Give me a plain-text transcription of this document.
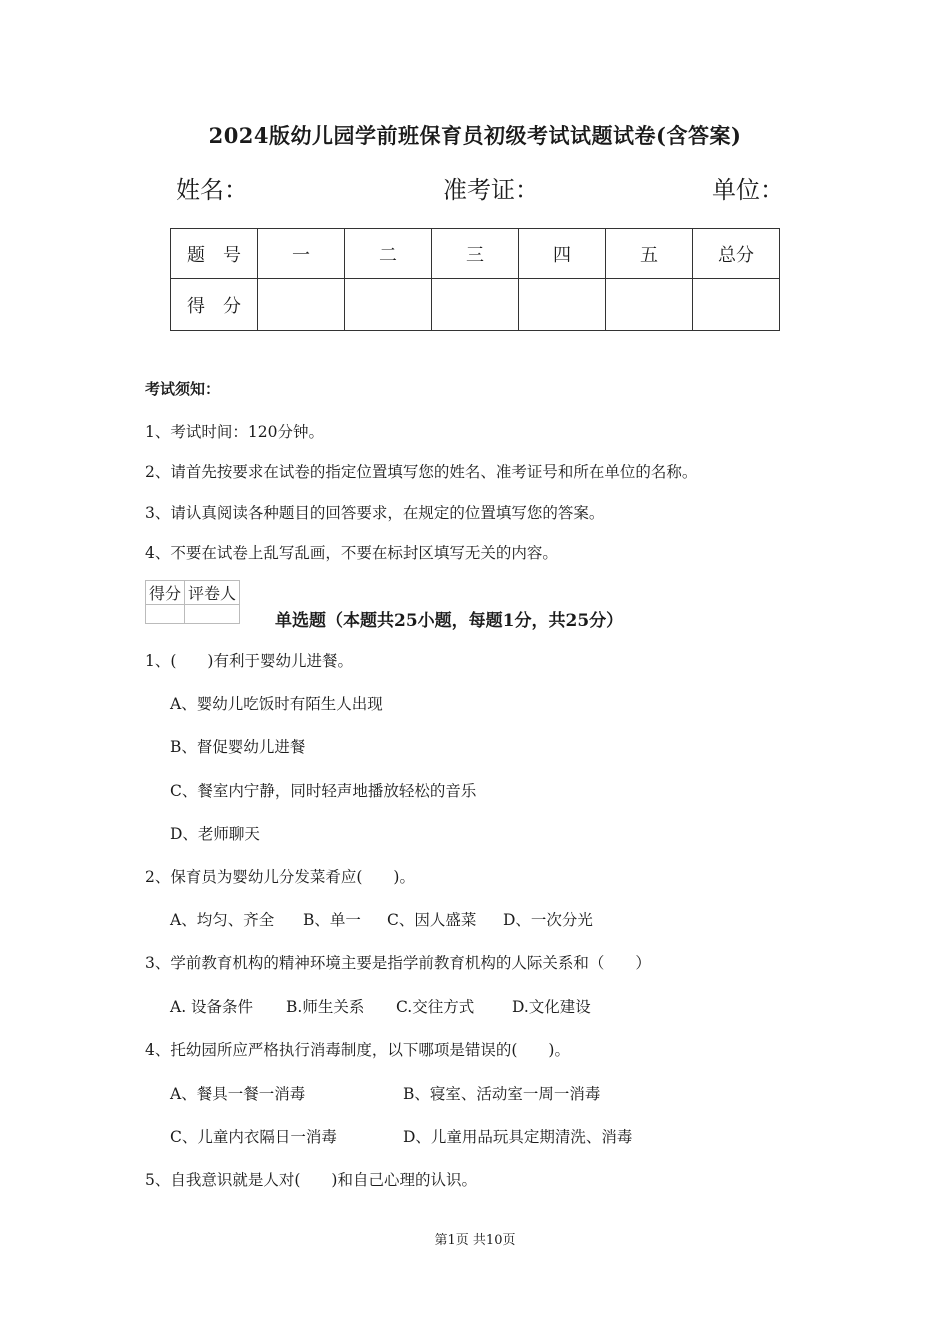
2024版幼儿园学前班保育员初级考试试题试卷(含答案)
姓名：	准考证：	单位：
题　号	一	二	三	四	五	总分
得　分						
考试须知：
1、考试时间：120分钟。
2、请首先按要求在试卷的指定位置填写您的姓名、准考证号和所在单位的名称。
3、请认真阅读各种题目的回答要求，在规定的位置填写您的答案。
4、不要在试卷上乱写乱画，不要在标封区填写无关的内容。
得分	评卷人

单选题（本题共25小题，每题1分，共25分）
1、(　　)有利于婴幼儿进餐。
A、婴幼儿吃饭时有陌生人出现
B、督促婴幼儿进餐
C、餐室内宁静，同时轻声地播放轻松的音乐
D、老师聊天
2、保育员为婴幼儿分发菜肴应(　　)。
A、均匀、齐全 B、单一 C、因人盛菜 D、一次分光
3、学前教育机构的精神环境主要是指学前教育机构的人际关系和（　　）
A. 设备条件 B.师生关系 C.交往方式 D.文化建设
4、托幼园所应严格执行消毒制度，以下哪项是错误的(　　)。
A、餐具一餐一消毒	B、寝室、活动室一周一消毒
C、儿童内衣隔日一消毒	D、儿童用品玩具定期清洗、消毒
5、自我意识就是人对(　　)和自己心理的认识。
第1页 共10页
